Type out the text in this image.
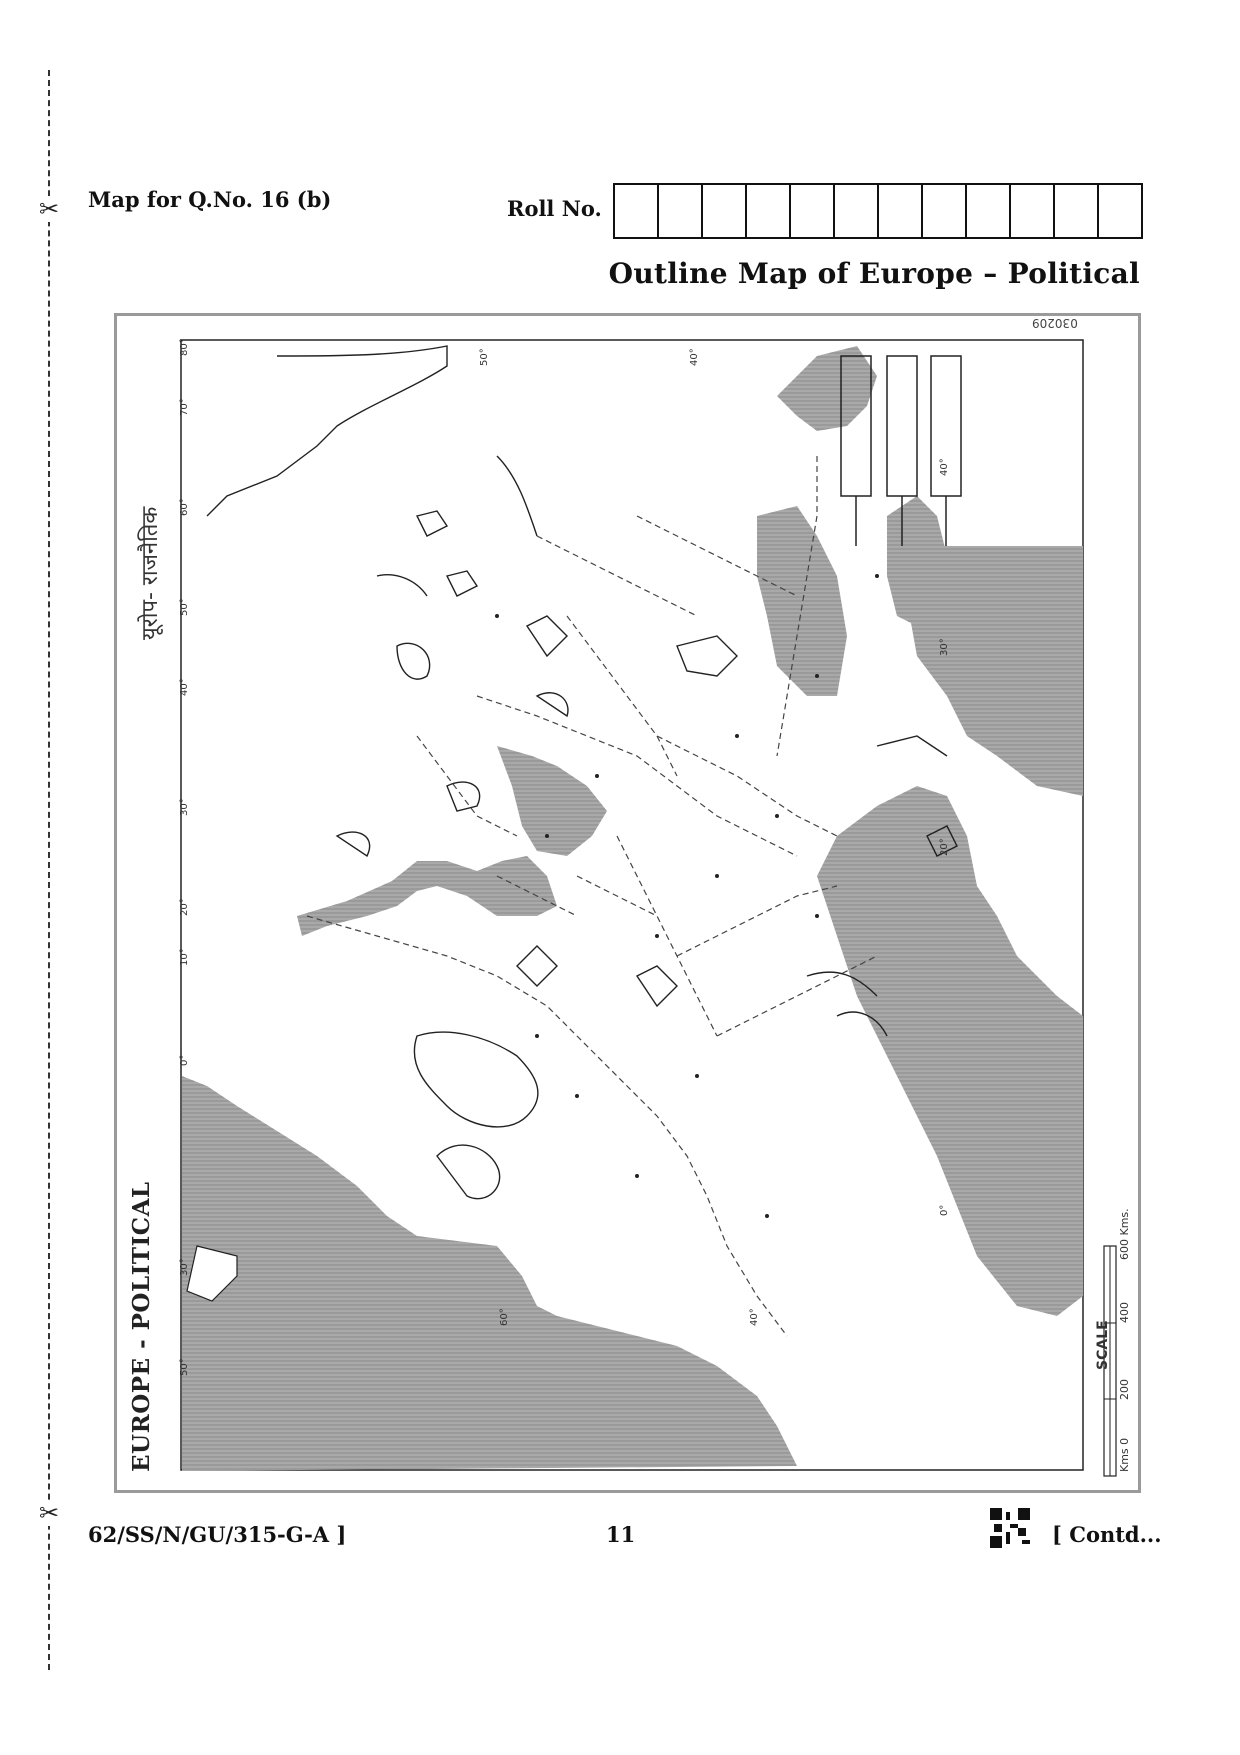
✂
✂
Map for Q.No. 16 (b)	Roll No.
Outline Map of Europe – Political
80°
70°
60°
50°
40°
30°
20°
10°
0°
30°
50°
50°	40°
40°
30°
20°
0°
60°	40°
EUROPE - POLITICAL
यूरोप- राजनैतिक
030209
SCALE
Kms 0
200
400
600 Kms.
62/SS/N/GU/315-G-A ]	11	[ Contd...
